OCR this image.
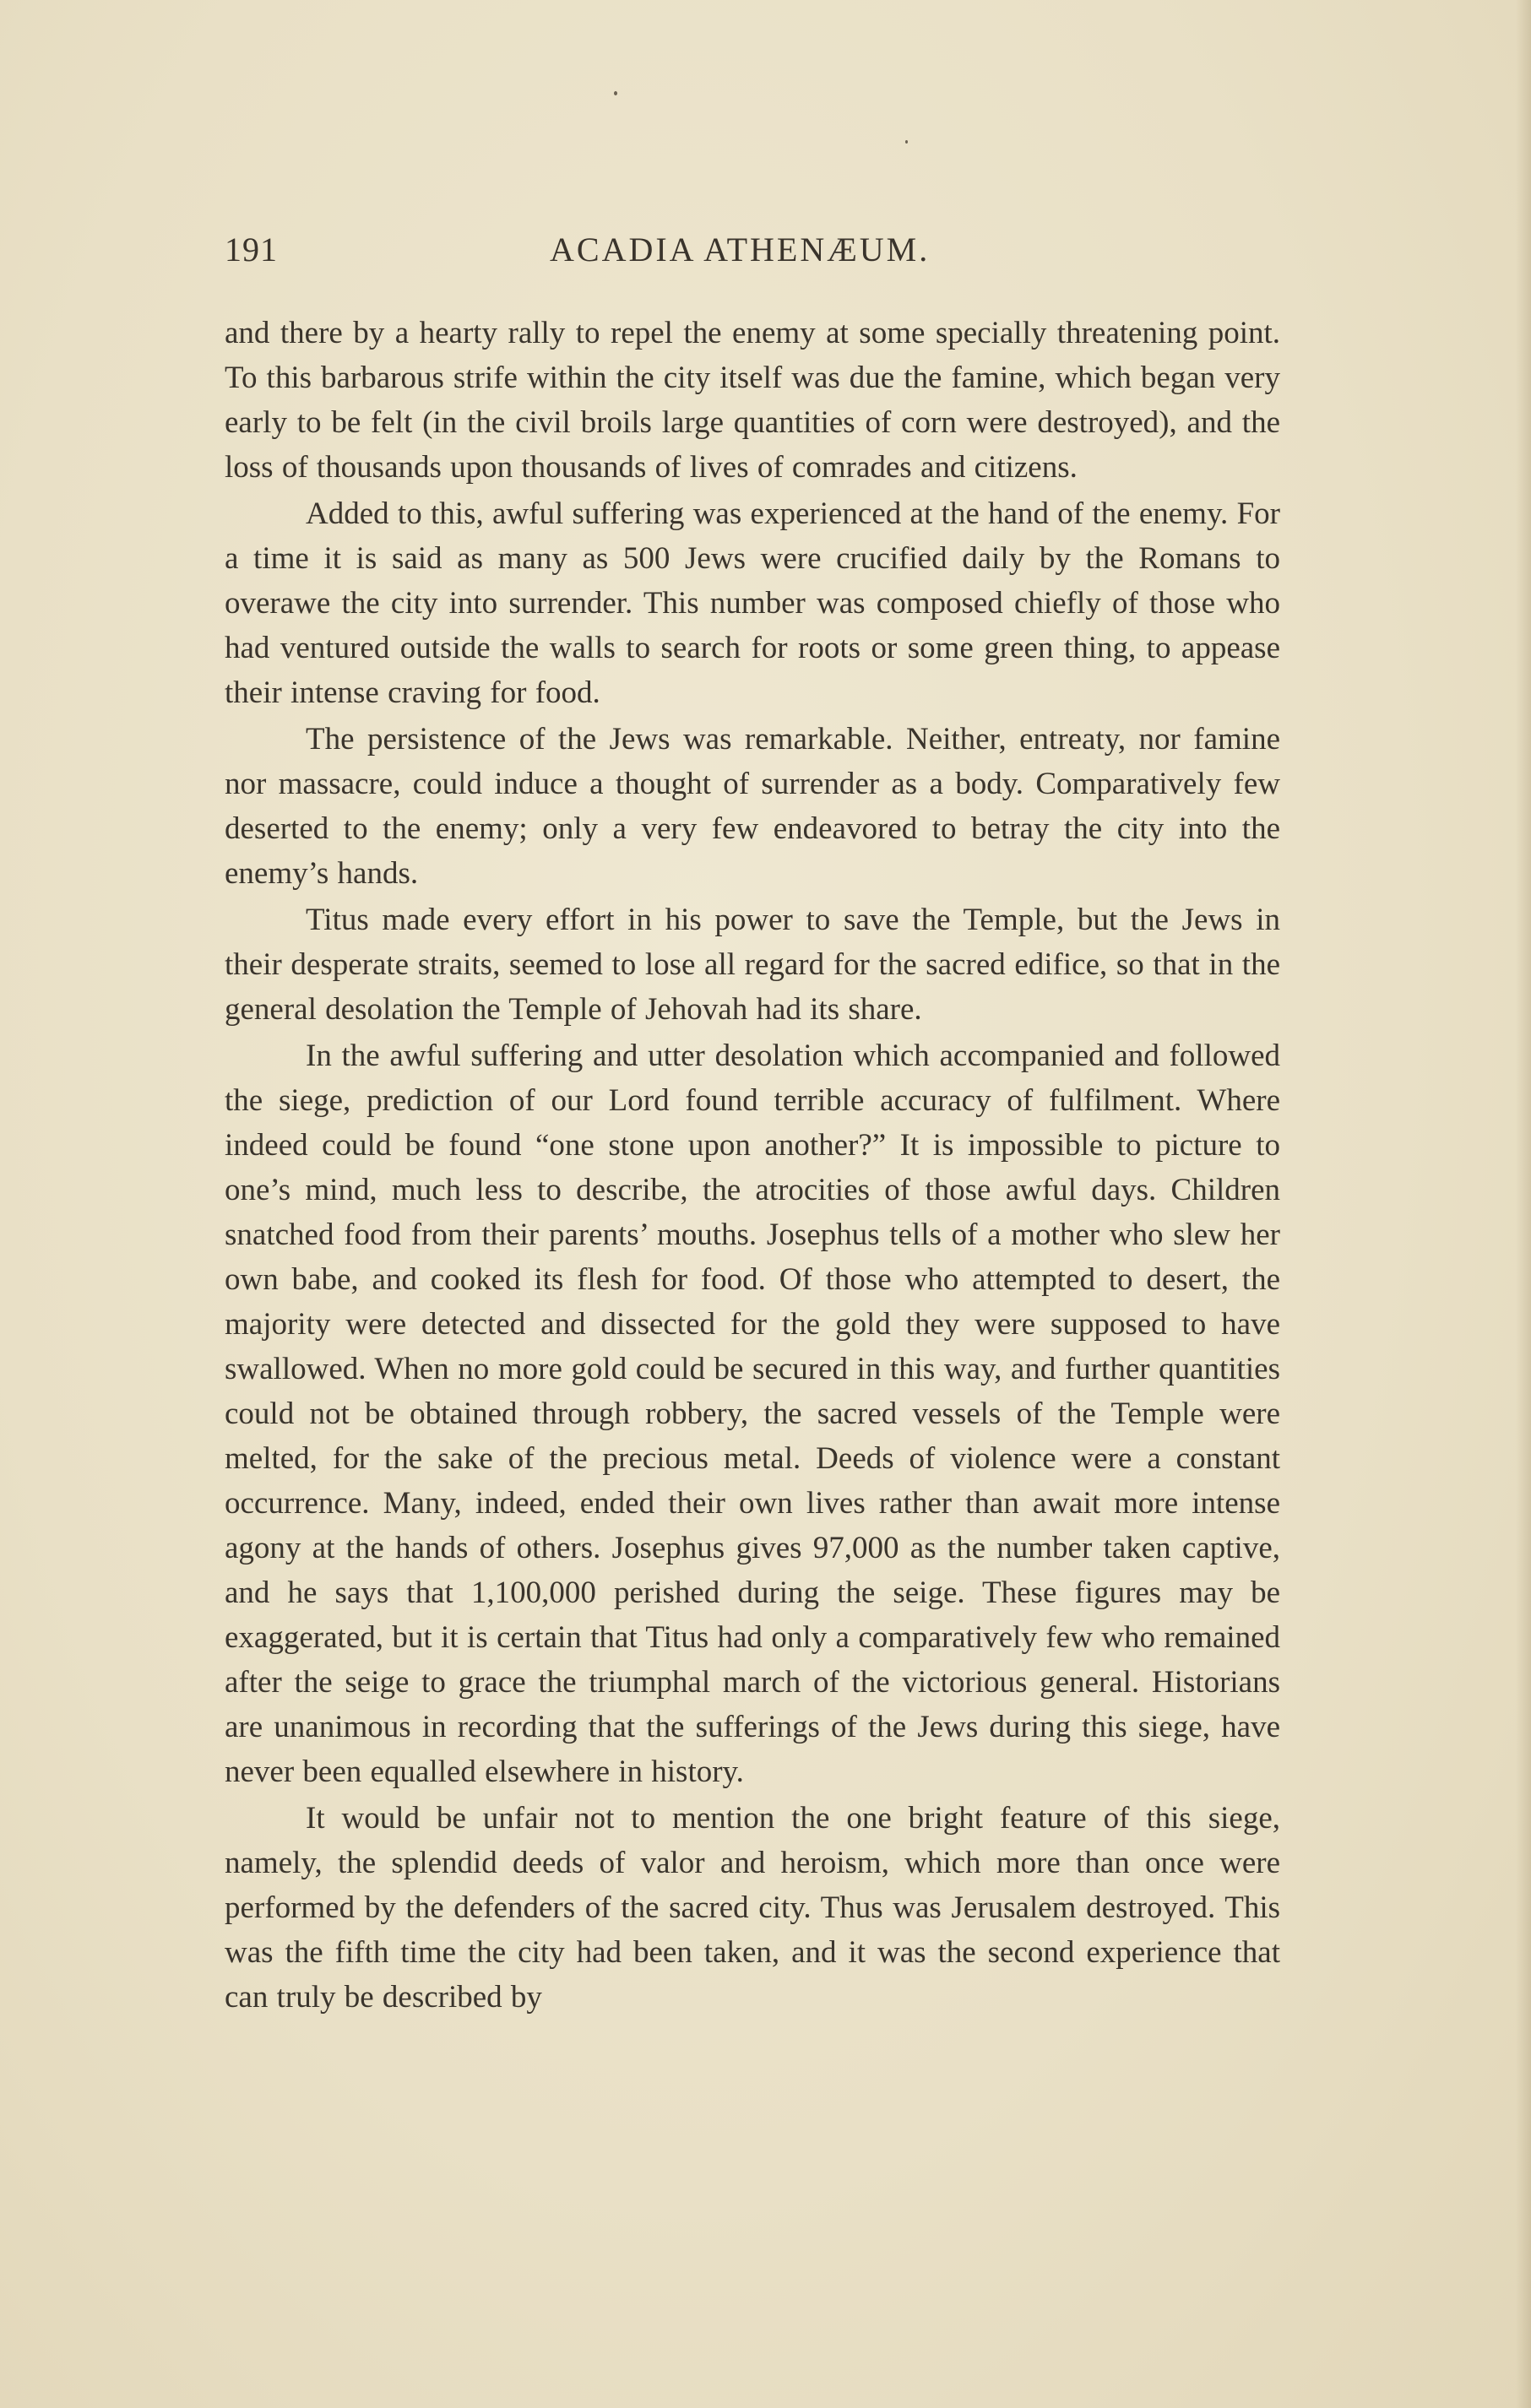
191	ACADIA ATHENÆUM.

and there by a hearty rally to repel the enemy at some specially threatening point. To this barbarous strife within the city itself was due the famine, which began very early to be felt (in the civil broils large quantities of corn were destroyed), and the loss of thousands upon thousands of lives of comrades and citizens.

Added to this, awful suffering was experienced at the hand of the enemy. For a time it is said as many as 500 Jews were crucified daily by the Romans to overawe the city into surrender. This number was composed chiefly of those who had ventured outside the walls to search for roots or some green thing, to appease their intense craving for food.

The persistence of the Jews was remarkable. Neither, entreaty, nor famine nor massacre, could induce a thought of surrender as a body. Comparatively few deserted to the enemy; only a very few endeavored to betray the city into the enemy’s hands.

Titus made every effort in his power to save the Temple, but the Jews in their desperate straits, seemed to lose all regard for the sacred edifice, so that in the general desolation the Temple of Jehovah had its share.

In the awful suffering and utter desolation which accompanied and followed the siege, prediction of our Lord found terrible accuracy of fulfilment. Where indeed could be found “one stone upon another?” It is impossible to picture to one’s mind, much less to describe, the atrocities of those awful days. Children snatched food from their parents’ mouths. Josephus tells of a mother who slew her own babe, and cooked its flesh for food. Of those who attempted to desert, the majority were detected and dissected for the gold they were supposed to have swallowed. When no more gold could be secured in this way, and further quantities could not be obtained through robbery, the sacred vessels of the Temple were melted, for the sake of the precious metal. Deeds of violence were a constant occurrence. Many, indeed, ended their own lives rather than await more intense agony at the hands of others. Josephus gives 97,000 as the number taken captive, and he says that 1,100,000 perished during the seige. These figures may be exaggerated, but it is certain that Titus had only a comparatively few who remained after the seige to grace the triumphal march of the victorious general. Historians are unanimous in recording that the sufferings of the Jews during this siege, have never been equalled elsewhere in history.

It would be unfair not to mention the one bright feature of this siege, namely, the splendid deeds of valor and heroism, which more than once were performed by the defenders of the sacred city. Thus was Jerusalem destroyed. This was the fifth time the city had been taken, and it was the second experience that can truly be described by
